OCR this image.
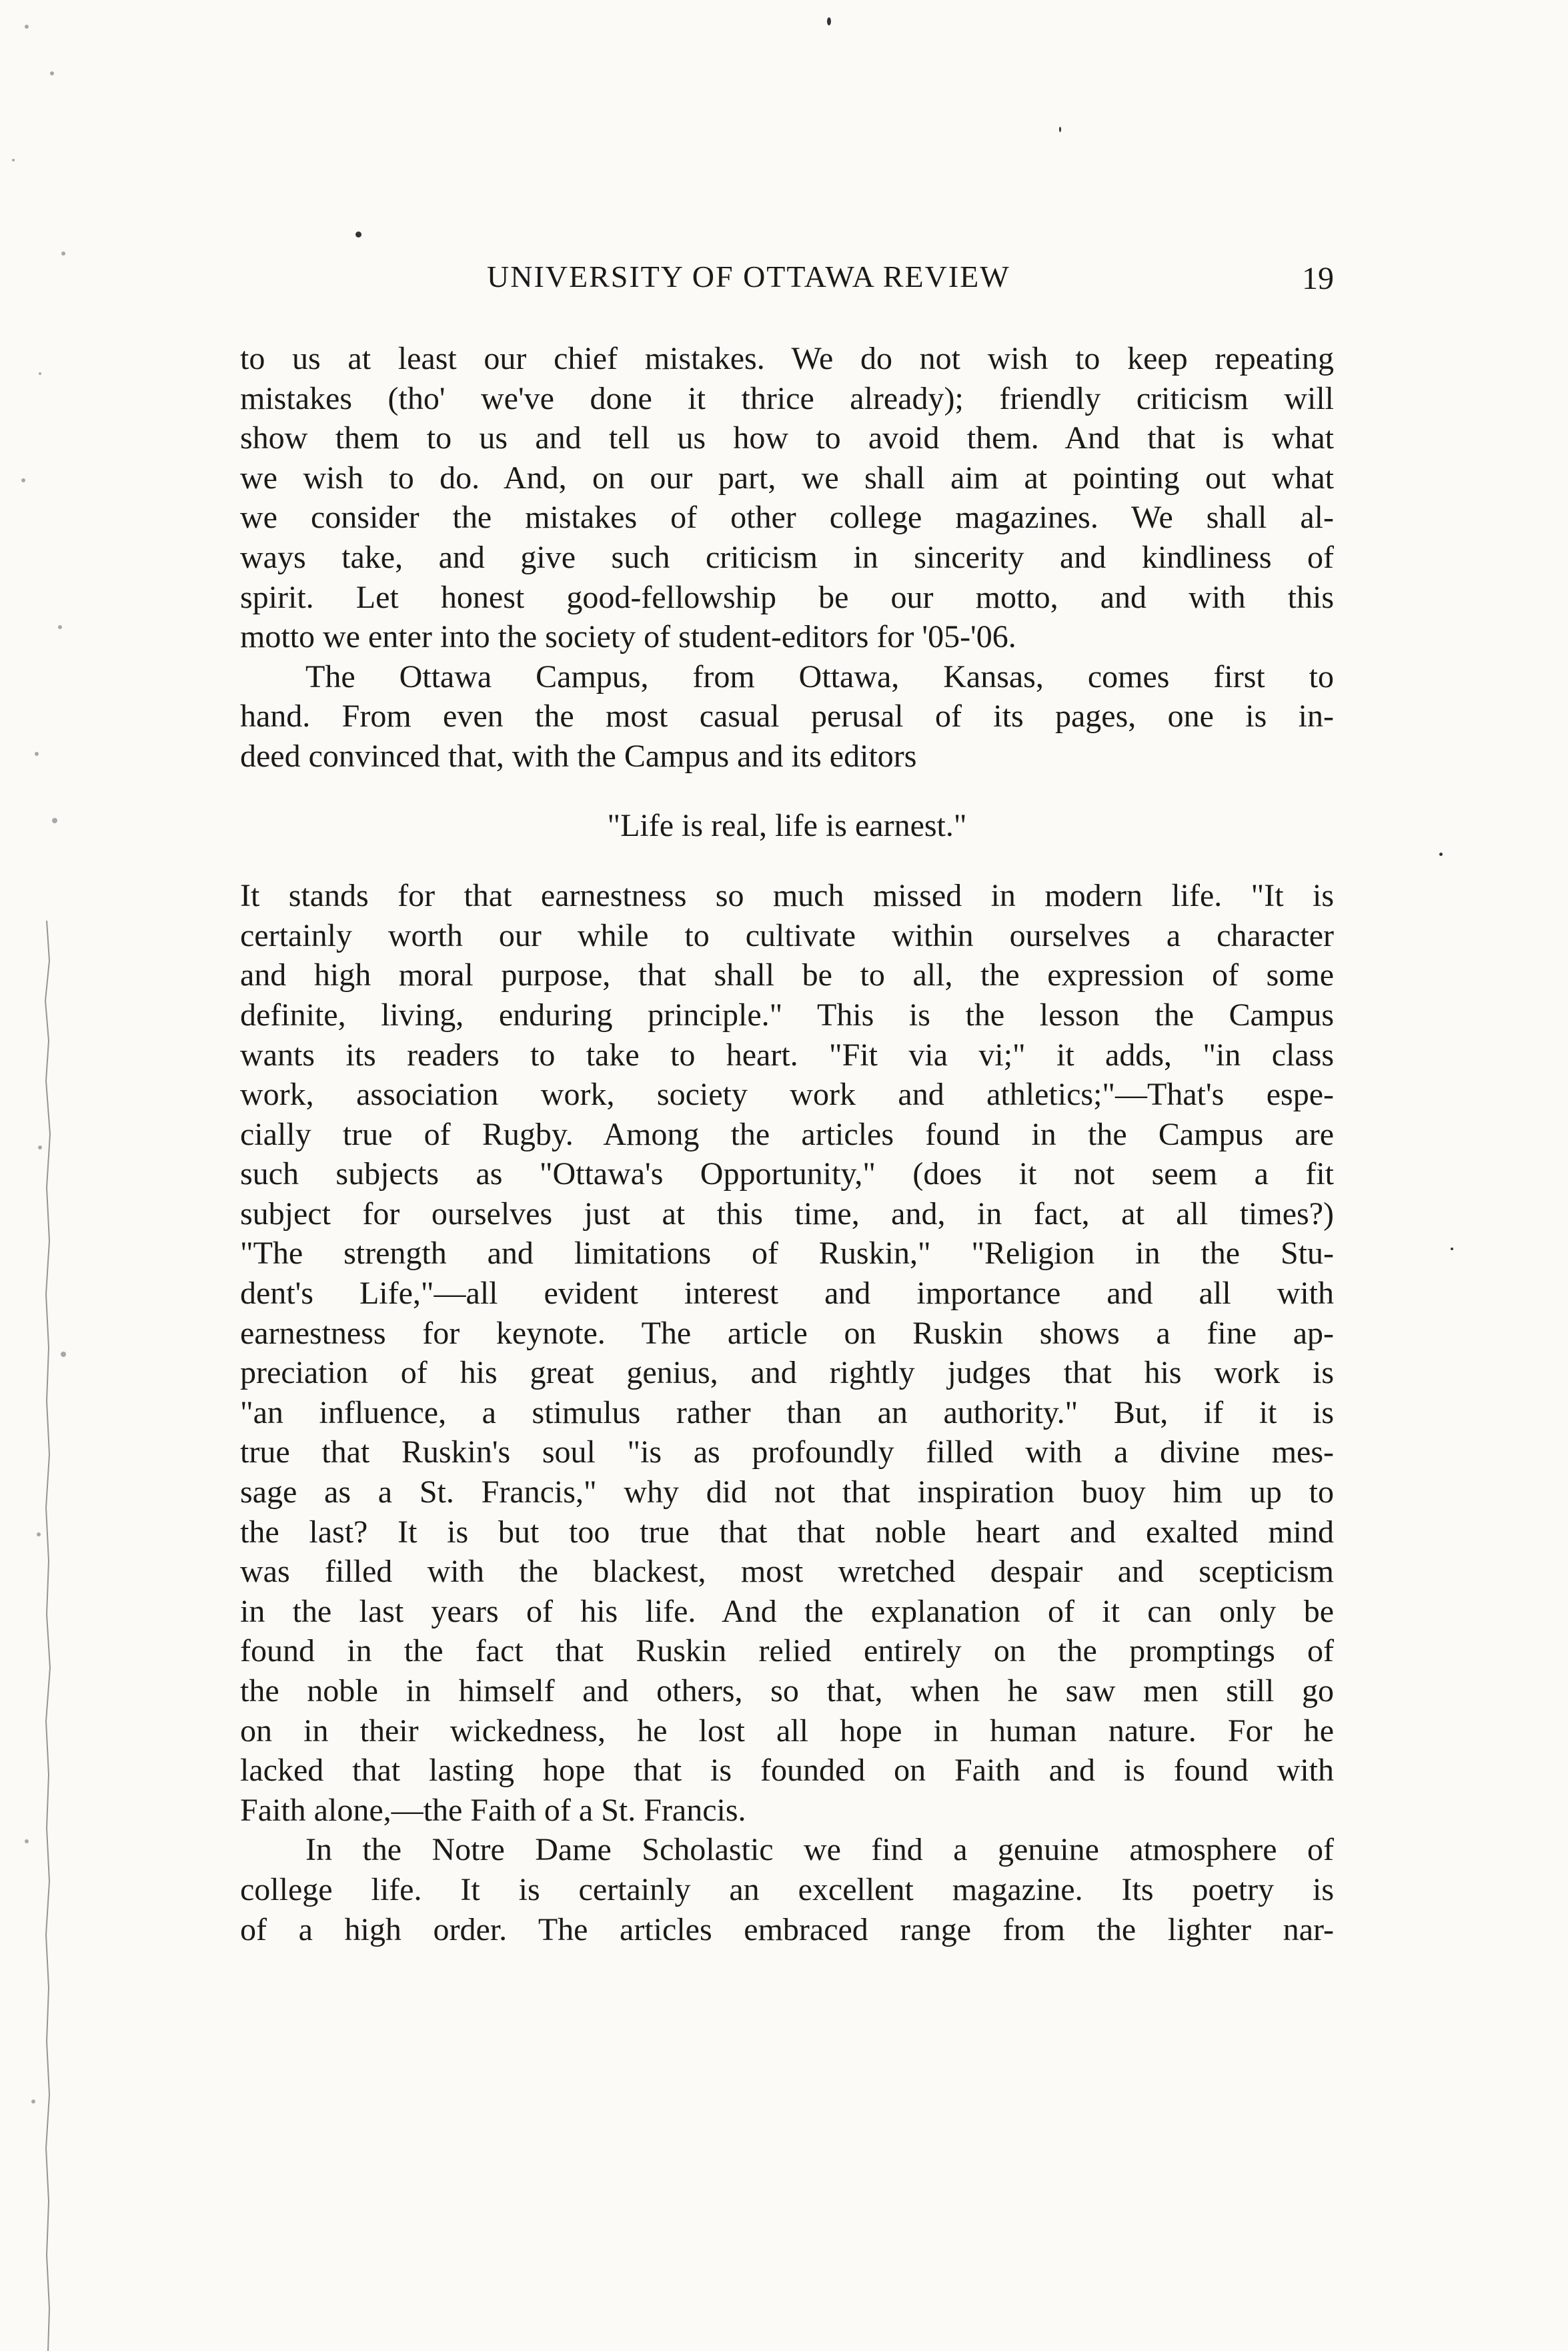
UNIVERSITY OF OTTAWA REVIEW	19
to us at least our chief mistakes. We do not wish to keep repeating
mistakes (tho' we've done it thrice already); friendly criticism will
show them to us and tell us how to avoid them. And that is what
we wish to do. And, on our part, we shall aim at pointing out what
we consider the mistakes of other college magazines. We shall al-
ways take, and give such criticism in sincerity and kindliness of
spirit. Let honest good-fellowship be our motto, and with this
motto we enter into the society of student-editors for '05-'06.
The Ottawa Campus, from Ottawa, Kansas, comes first to
hand. From even the most casual perusal of its pages, one is in-
deed convinced that, with the Campus and its editors
"Life is real, life is earnest."
It stands for that earnestness so much missed in modern life. "It is
certainly worth our while to cultivate within ourselves a character
and high moral purpose, that shall be to all, the expression of some
definite, living, enduring principle." This is the lesson the Campus
wants its readers to take to heart. "Fit via vi;" it adds, "in class
work, association work, society work and athletics;"—That's espe-
cially true of Rugby. Among the articles found in the Campus are
such subjects as "Ottawa's Opportunity," (does it not seem a fit
subject for ourselves just at this time, and, in fact, at all times?)
"The strength and limitations of Ruskin," "Religion in the Stu-
dent's Life,"—all evident interest and importance and all with
earnestness for keynote. The article on Ruskin shows a fine ap-
preciation of his great genius, and rightly judges that his work is
"an influence, a stimulus rather than an authority." But, if it is
true that Ruskin's soul "is as profoundly filled with a divine mes-
sage as a St. Francis," why did not that inspiration buoy him up to
the last? It is but too true that that noble heart and exalted mind
was filled with the blackest, most wretched despair and scepticism
in the last years of his life. And the explanation of it can only be
found in the fact that Ruskin relied entirely on the promptings of
the noble in himself and others, so that, when he saw men still go
on in their wickedness, he lost all hope in human nature. For he
lacked that lasting hope that is founded on Faith and is found with
Faith alone,—the Faith of a St. Francis.
In the Notre Dame Scholastic we find a genuine atmosphere of
college life. It is certainly an excellent magazine. Its poetry is
of a high order. The articles embraced range from the lighter nar-
